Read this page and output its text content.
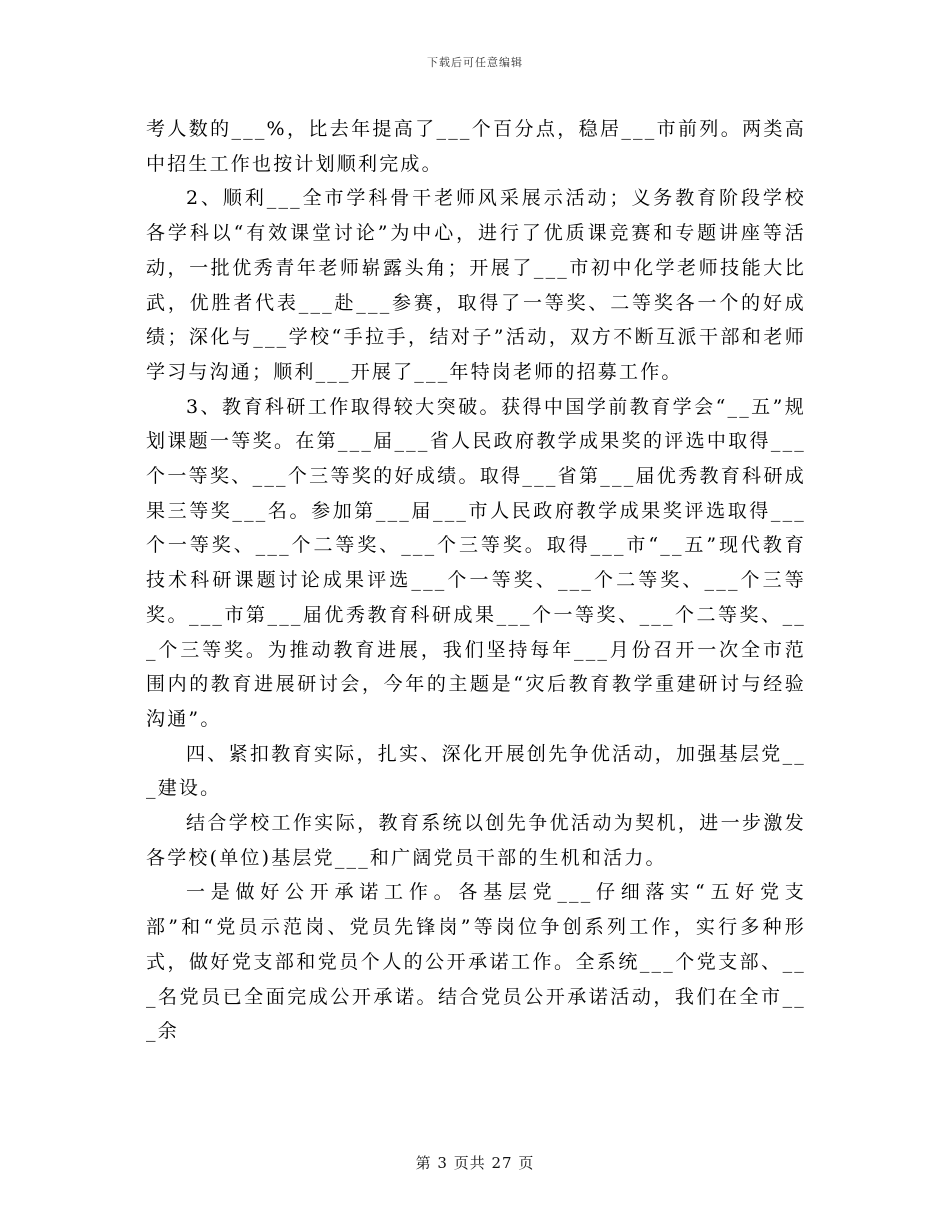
下载后可任意编辑

考人数的___%，比去年提高了___个百分点，稳居___市前列。两类高中招生工作也按计划顺利完成。

2、顺利___全市学科骨干老师风采展示活动；义务教育阶段学校各学科以“有效课堂讨论”为中心，进行了优质课竞赛和专题讲座等活动，一批优秀青年老师崭露头角；开展了___市初中化学老师技能大比武，优胜者代表___赴___参赛，取得了一等奖、二等奖各一个的好成绩；深化与___学校“手拉手，结对子”活动，双方不断互派干部和老师学习与沟通；顺利___开展了___年特岗老师的招募工作。

3、教育科研工作取得较大突破。获得中国学前教育学会“__五”规划课题一等奖。在第___届___省人民政府教学成果奖的评选中取得___个一等奖、___个三等奖的好成绩。取得___省第___届优秀教育科研成果三等奖___名。参加第___届___市人民政府教学成果奖评选取得___个一等奖、___个二等奖、___个三等奖。取得___市“__五”现代教育技术科研课题讨论成果评选___个一等奖、___个二等奖、___个三等奖。___市第___届优秀教育科研成果___个一等奖、___个二等奖、___个三等奖。为推动教育进展，我们坚持每年___月份召开一次全市范围内的教育进展研讨会，今年的主题是“灾后教育教学重建研讨与经验沟通”。

四、紧扣教育实际，扎实、深化开展创先争优活动，加强基层党___建设。

结合学校工作实际，教育系统以创先争优活动为契机，进一步激发各学校(单位)基层党___和广阔党员干部的生机和活力。

一是做好公开承诺工作。各基层党___仔细落实“五好党支部”和“党员示范岗、党员先锋岗”等岗位争创系列工作，实行多种形式，做好党支部和党员个人的公开承诺工作。全系统___个党支部、___名党员已全面完成公开承诺。结合党员公开承诺活动，我们在全市___余

第 3 页共 27 页
